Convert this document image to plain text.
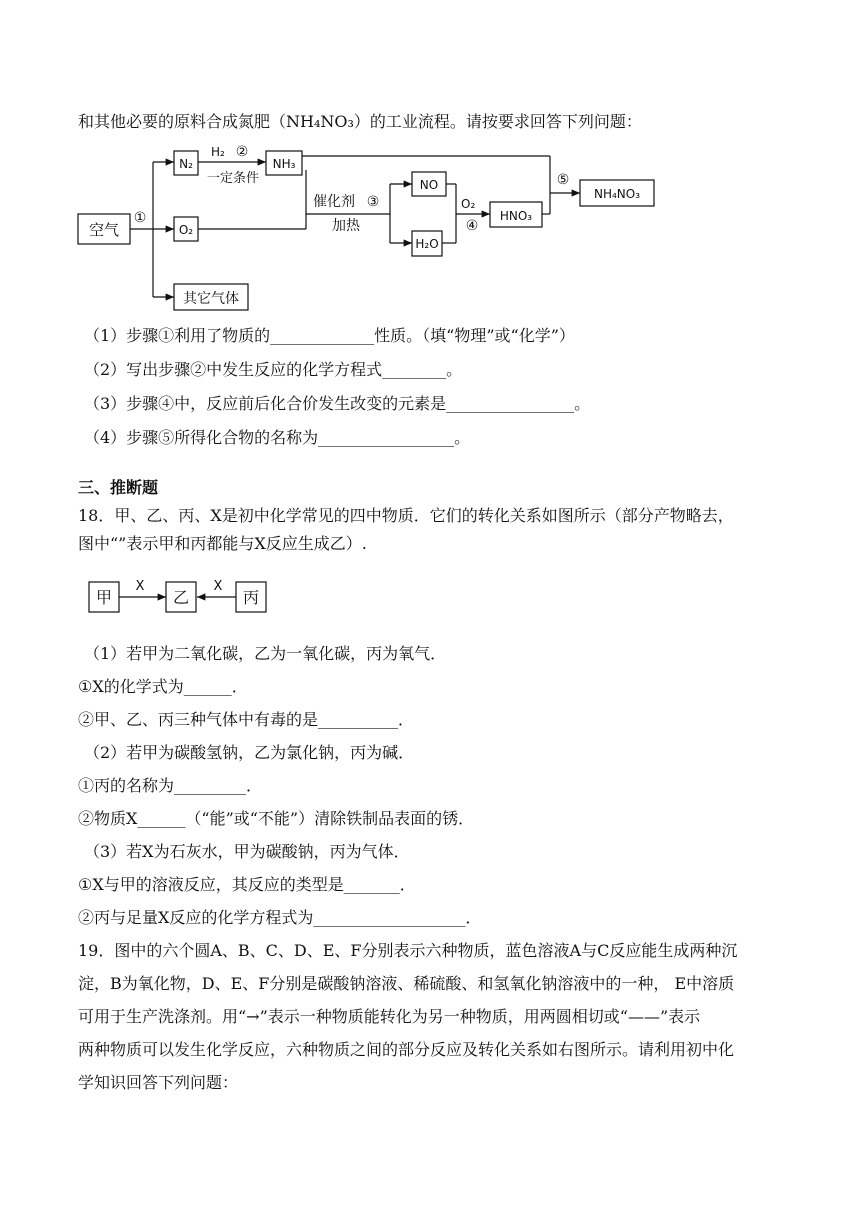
和其他必要的原料合成氮肥（NH₄NO₃）的工业流程。请按要求回答下列问题：
空气
①
N₂
O₂
其它气体
H₂ ②
一定条件
NH₃
催化剂 ③
加热
NO
H₂O
O₂
④
HNO₃
⑤
NH₄NO₃
（1）步骤①利用了物质的_____________性质。（填“物理”或“化学”）
（2）写出步骤②中发生反应的化学方程式________。
（3）步骤④中，反应前后化合价发生改变的元素是________________。
（4）步骤⑤所得化合物的名称为_________________。
三、推断题
18．甲、乙、丙、X是初中化学常见的四中物质．它们的转化关系如图所示（部分产物略去，
图中“”表示甲和丙都能与X反应生成乙）.
甲
X
乙
X
丙
（1）若甲为二氧化碳，乙为一氧化碳，丙为氧气．
①X的化学式为______．
②甲、乙、丙三种气体中有毒的是__________．
（2）若甲为碳酸氢钠，乙为氯化钠，丙为碱．
①丙的名称为_________．
②物质X______（“能”或“不能”）清除铁制品表面的锈．
（3）若X为石灰水，甲为碳酸钠，丙为气体．
①X与甲的溶液反应，其反应的类型是_______．
②丙与足量X反应的化学方程式为___________________．
19．图中的六个圆A、B、C、D、E、F分别表示六种物质，蓝色溶液A与C反应能生成两种沉
淀，B为氧化物，D、E、F分别是碳酸钠溶液、稀硫酸、和氢氧化钠溶液中的一种， E中溶质
可用于生产洗涤剂。用“→”表示一种物质能转化为另一种物质，用两圆相切或“——”表示
两种物质可以发生化学反应，六种物质之间的部分反应及转化关系如右图所示。请利用初中化
学知识回答下列问题：
